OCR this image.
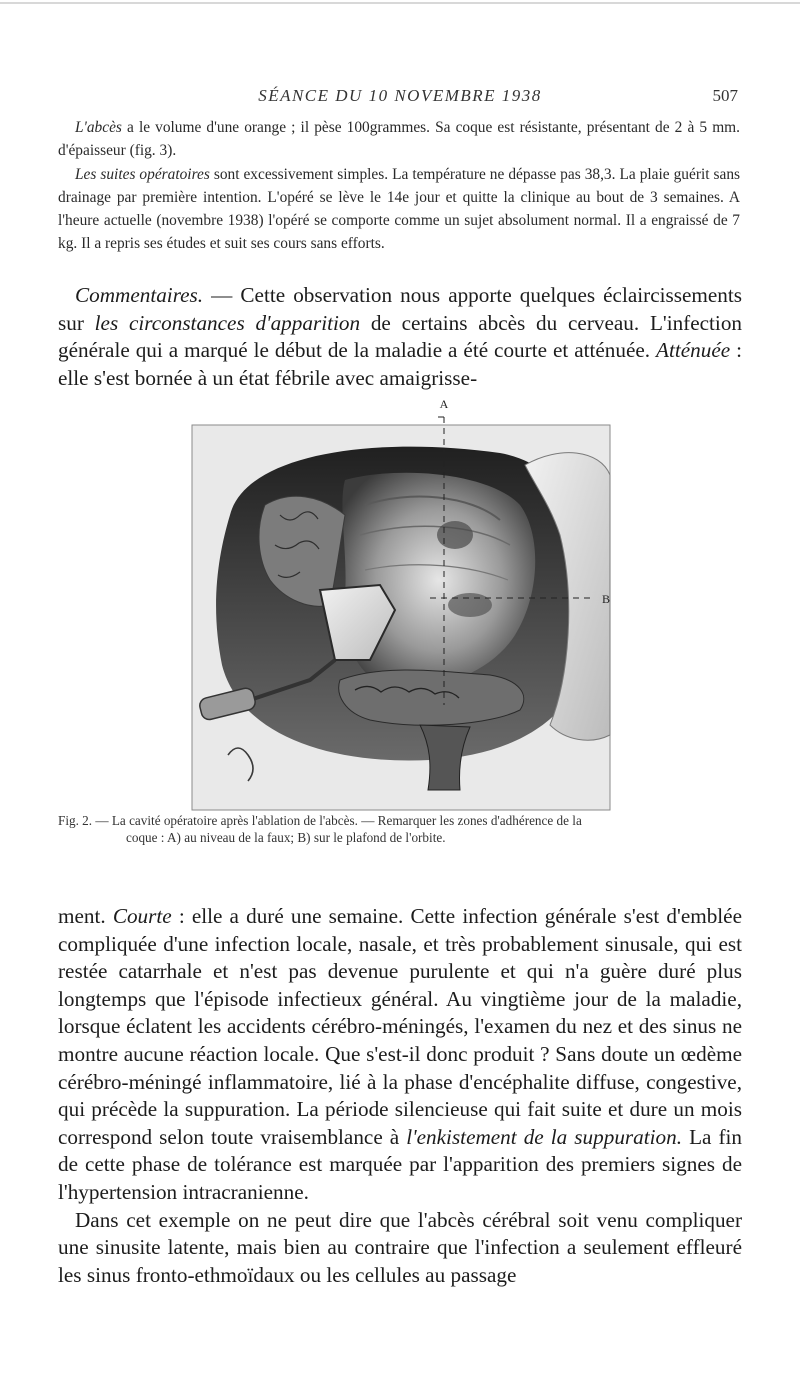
SÉANCE DU 10 NOVEMBRE 1938	507

L'abcès a le volume d'une orange ; il pèse 100grammes. Sa coque est résistante, présentant de 2 à 5 mm. d'épaisseur (fig. 3).

Les suites opératoires sont excessivement simples. La température ne dépasse pas 38,3. La plaie guérit sans drainage par première intention. L'opéré se lève le 14e jour et quitte la clinique au bout de 3 semaines. A l'heure actuelle (novembre 1938) l'opéré se comporte comme un sujet absolument normal. Il a engraissé de 7 kg. Il a repris ses études et suit ses cours sans efforts.

Commentaires. — Cette observation nous apporte quelques éclaircissements sur les circonstances d'apparition de certains abcès du cerveau. L'infection générale qui a marqué le début de la maladie a été courte et atténuée. Atténuée : elle s'est bornée à un état fébrile avec amaigrisse-

A
B
Fig. 2. — La cavité opératoire après l'ablation de l'abcès. — Remarquer les zones d'adhérence de la
coque : A) au niveau de la faux; B) sur le plafond de l'orbite.

ment. Courte : elle a duré une semaine. Cette infection générale s'est d'emblée compliquée d'une infection locale, nasale, et très probablement sinusale, qui est restée catarrhale et n'est pas devenue purulente et qui n'a guère duré plus longtemps que l'épisode infectieux général. Au vingtième jour de la maladie, lorsque éclatent les accidents cérébro-méningés, l'examen du nez et des sinus ne montre aucune réaction locale. Que s'est-il donc produit ? Sans doute un œdème cérébro-méningé inflammatoire, lié à la phase d'encéphalite diffuse, congestive, qui précède la suppuration. La période silencieuse qui fait suite et dure un mois correspond selon toute vraisemblance à l'enkistement de la suppuration. La fin de cette phase de tolérance est marquée par l'apparition des premiers signes de l'hypertension intracranienne.

Dans cet exemple on ne peut dire que l'abcès cérébral soit venu compliquer une sinusite latente, mais bien au contraire que l'infection a seulement effleuré les sinus fronto-ethmoïdaux ou les cellules au passage
